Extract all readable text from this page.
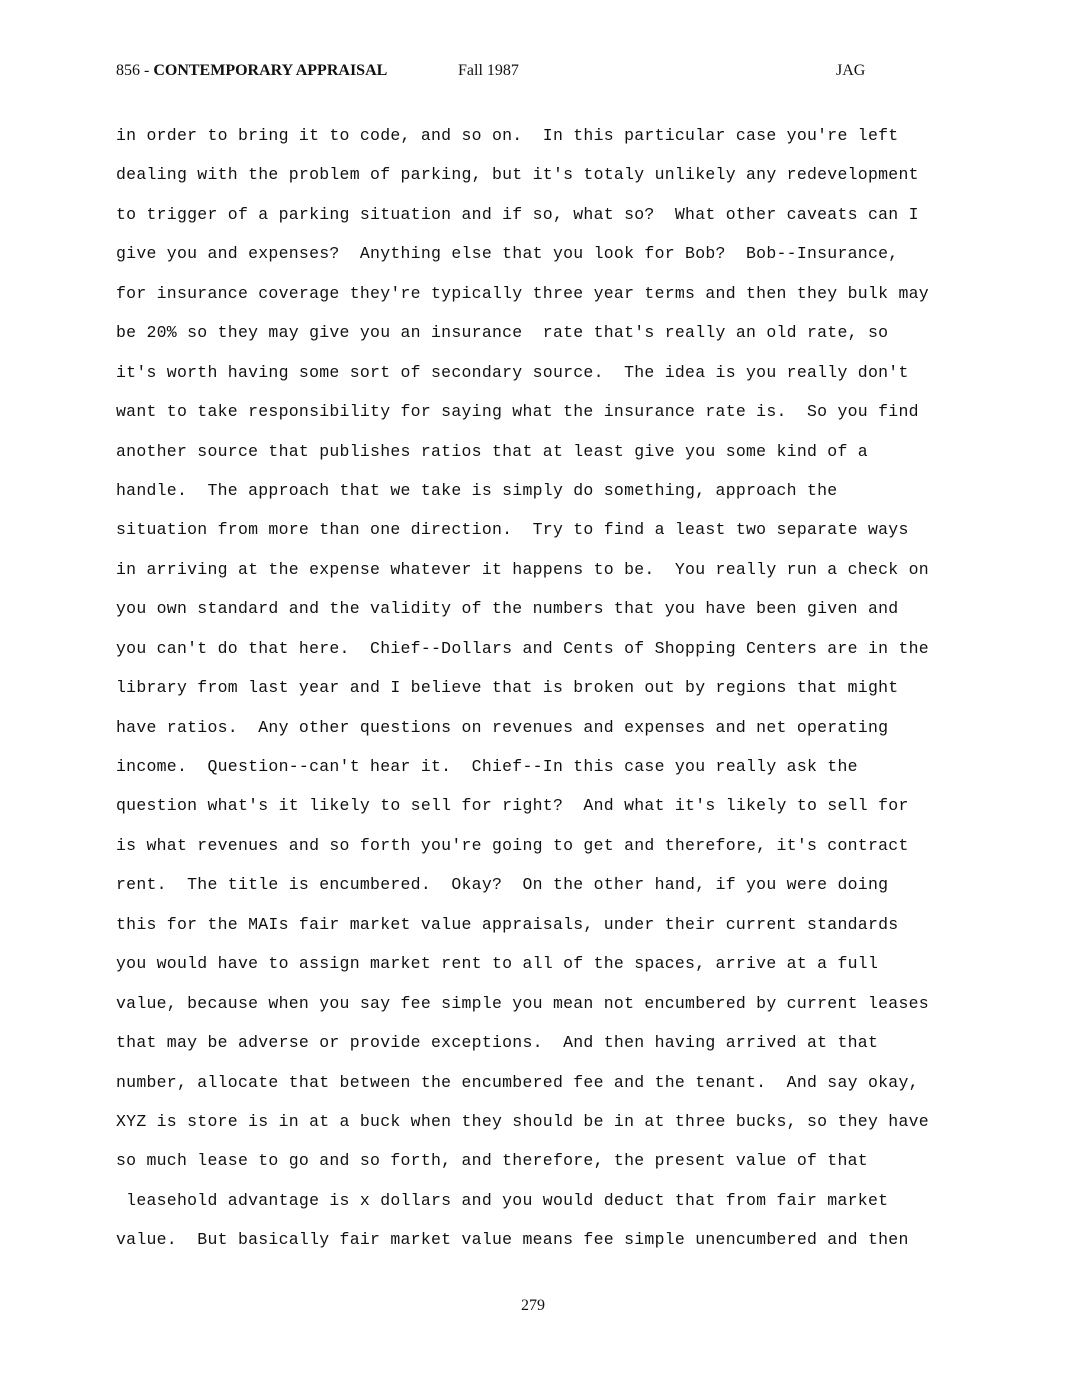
856 - CONTEMPORARY APPRAISAL	Fall 1987	JAG
in order to bring it to code, and so on.  In this particular case you're left
dealing with the problem of parking, but it's totaly unlikely any redevelopment
to trigger of a parking situation and if so, what so?  What other caveats can I
give you and expenses?  Anything else that you look for Bob?  Bob--Insurance,
for insurance coverage they're typically three year terms and then they bulk may
be 20% so they may give you an insurance  rate that's really an old rate, so
it's worth having some sort of secondary source.  The idea is you really don't
want to take responsibility for saying what the insurance rate is.  So you find
another source that publishes ratios that at least give you some kind of a
handle.  The approach that we take is simply do something, approach the
situation from more than one direction.  Try to find a least two separate ways
in arriving at the expense whatever it happens to be.  You really run a check on
you own standard and the validity of the numbers that you have been given and
you can't do that here.  Chief--Dollars and Cents of Shopping Centers are in the
library from last year and I believe that is broken out by regions that might
have ratios.  Any other questions on revenues and expenses and net operating
income.  Question--can't hear it.  Chief--In this case you really ask the
question what's it likely to sell for right?  And what it's likely to sell for
is what revenues and so forth you're going to get and therefore, it's contract
rent.  The title is encumbered.  Okay?  On the other hand, if you were doing
this for the MAIs fair market value appraisals, under their current standards
you would have to assign market rent to all of the spaces, arrive at a full
value, because when you say fee simple you mean not encumbered by current leases
that may be adverse or provide exceptions.  And then having arrived at that
number, allocate that between the encumbered fee and the tenant.  And say okay,
XYZ is store is in at a buck when they should be in at three bucks, so they have
so much lease to go and so forth, and therefore, the present value of that
leasehold advantage is x dollars and you would deduct that from fair market
value.  But basically fair market value means fee simple unencumbered and then
279
